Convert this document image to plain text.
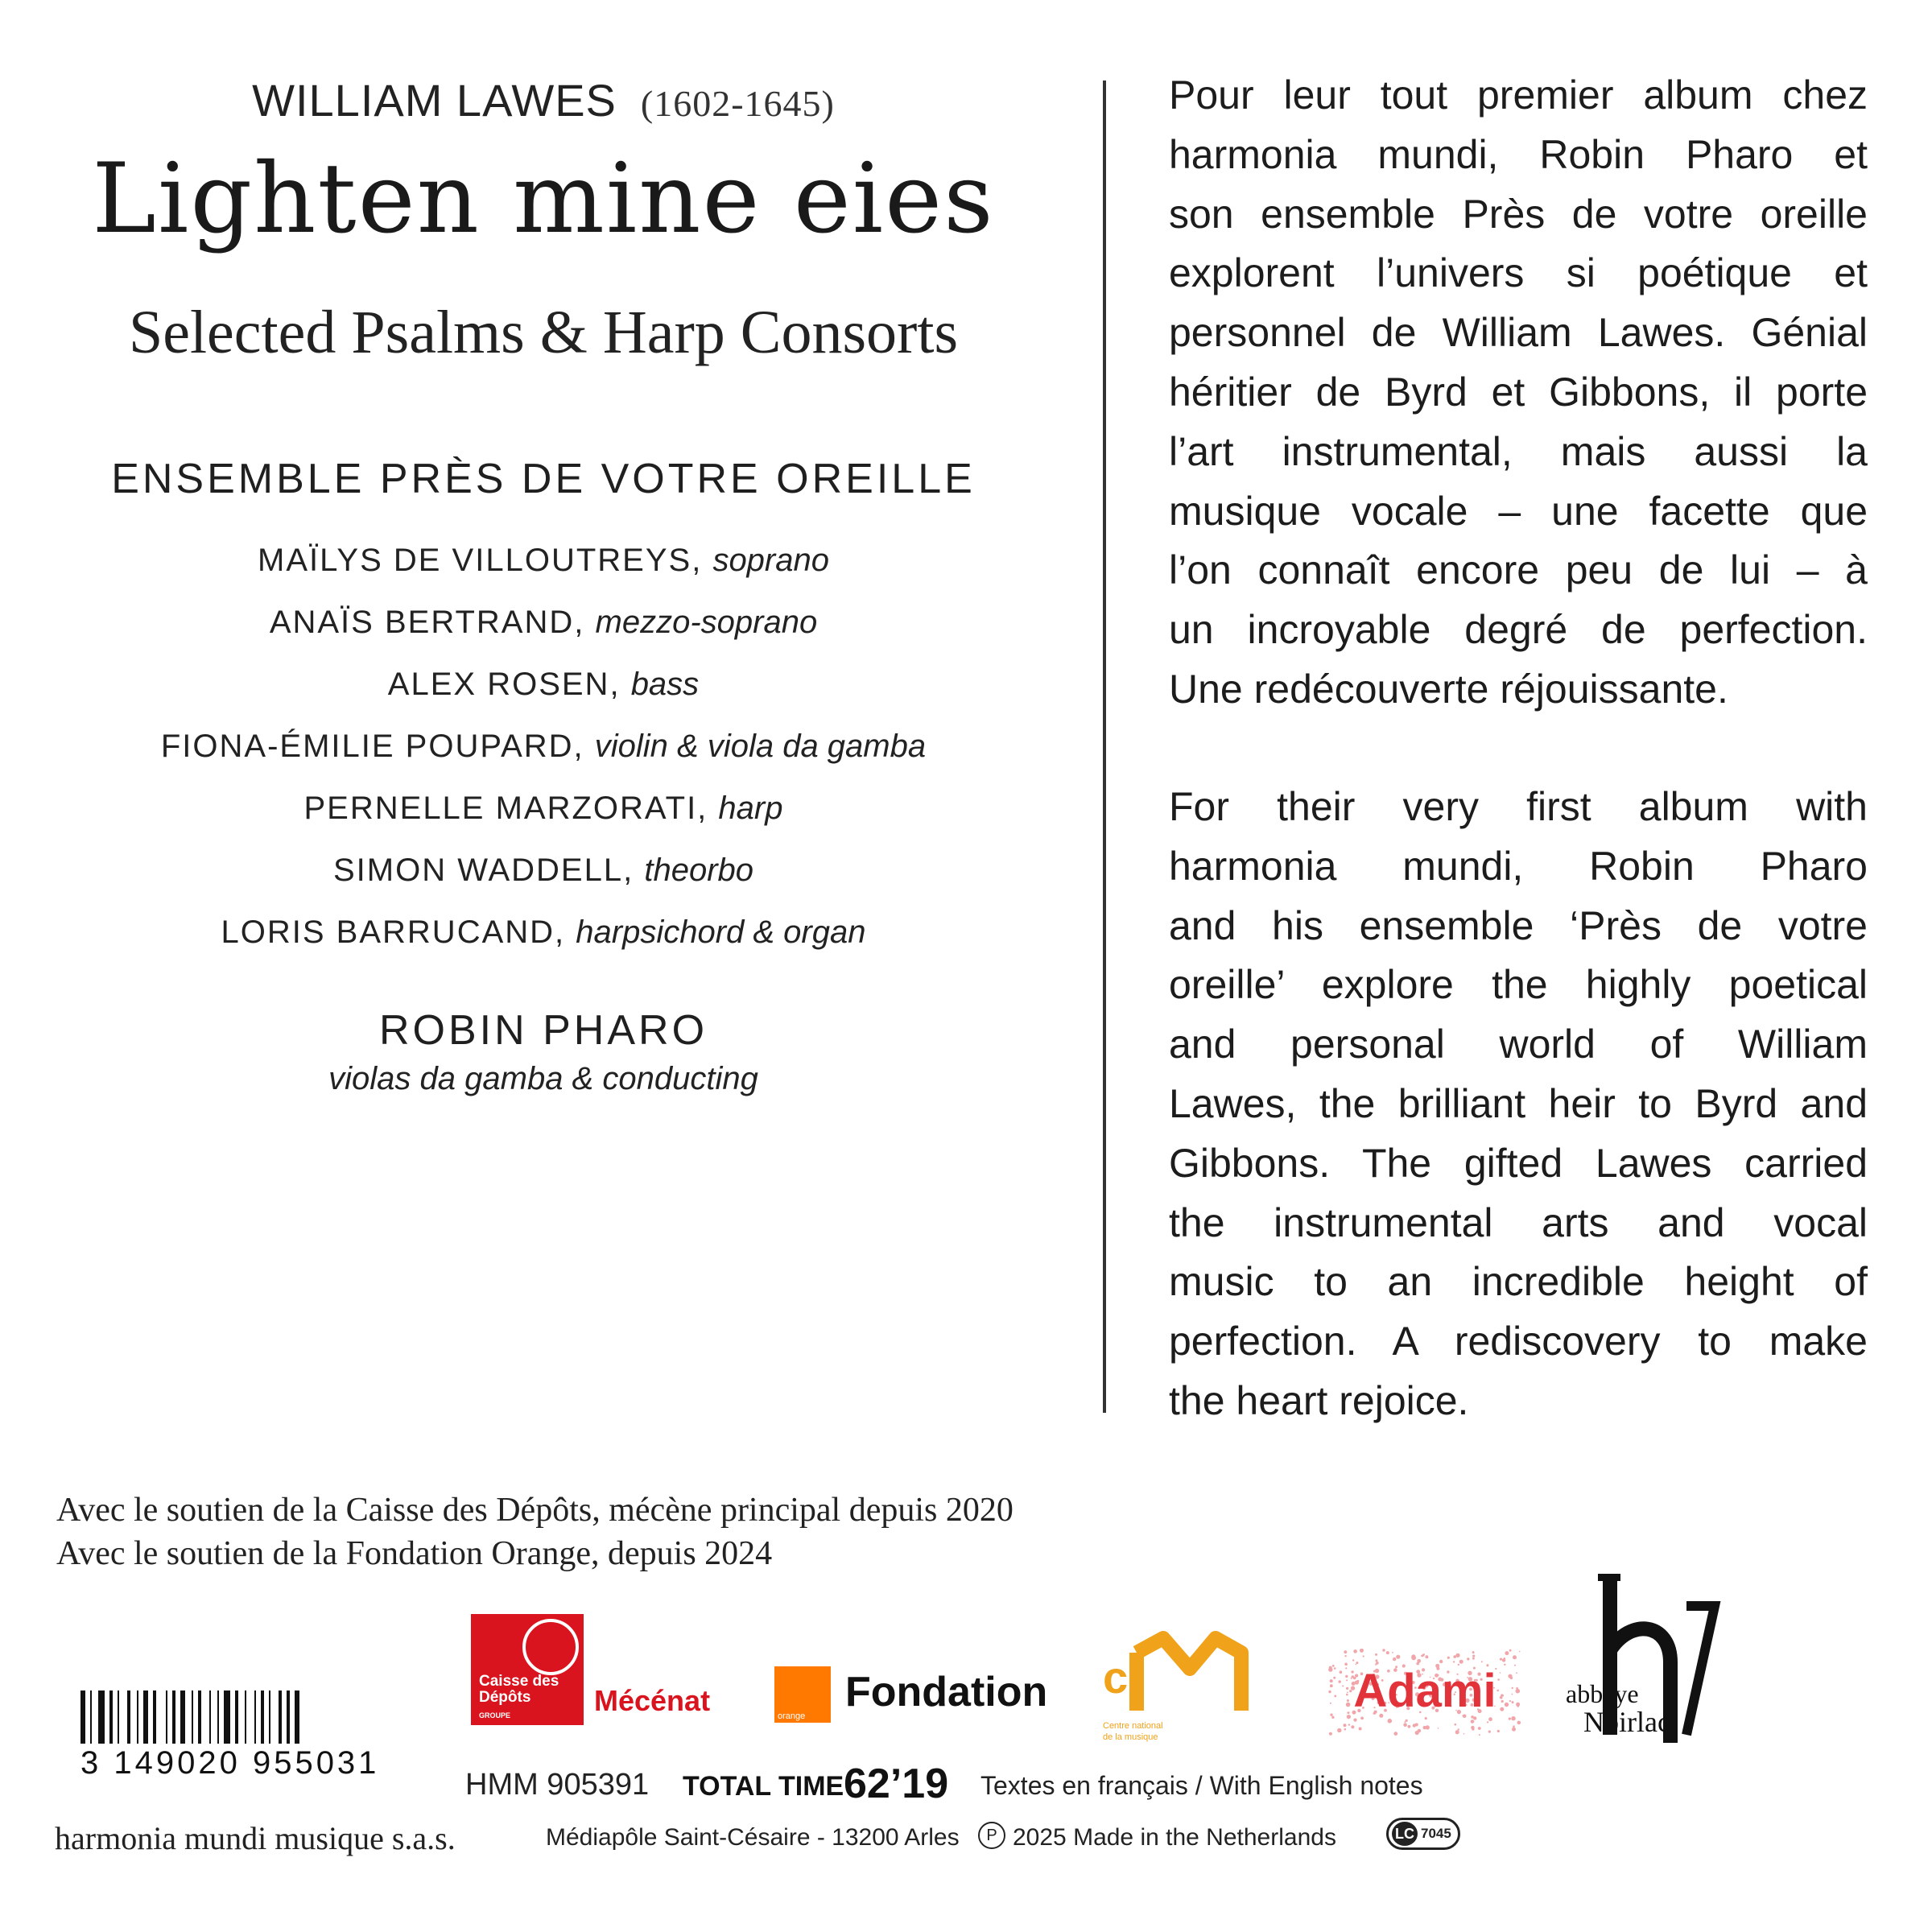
WILLIAM LAWES (1602-1645)
Lighten mine eies
Selected Psalms & Harp Consorts
ENSEMBLE PRÈS DE VOTRE OREILLE
MAÏLYS DE VILLOUTREYS, soprano
ANAÏS BERTRAND, mezzo-soprano
ALEX ROSEN, bass
FIONA-ÉMILIE POUPARD, violin & viola da gamba
PERNELLE MARZORATI, harp
SIMON WADDELL, theorbo
LORIS BARRUCAND, harpsichord & organ
ROBIN PHARO
violas da gamba & conducting
Pour leur tout premier album chez
harmonia mundi, Robin Pharo et
son ensemble Près de votre oreille
explorent l’univers si poétique et
personnel de William Lawes. Génial
héritier de Byrd et Gibbons, il porte
l’art instrumental, mais aussi la
musique vocale – une facette que
l’on connaît encore peu de lui – à
un incroyable degré de perfection.
Une redécouverte réjouissante.
For their very first album with
harmonia mundi, Robin Pharo
and his ensemble ‘Près de votre
oreille’ explore the highly poetical
and personal world of William
Lawes, the brilliant heir to Byrd and
Gibbons. The gifted Lawes carried
the instrumental arts and vocal
music to an incredible height of
perfection. A rediscovery to make
the heart rejoice.
Avec le soutien de la Caisse des Dépôts, mécène principal depuis 2020
Avec le soutien de la Fondation Orange, depuis 2024
3 149020 955031
Caisse des Dépôts
GROUPE	Mécénat	orange
Fondation c
Centre national
de la musique
Adami	abbaye
Noirlac
HMM 905391 TOTAL TIME 62’19 Textes en français / With English notes
harmonia mundi musique s.a.s.	Médiapôle Saint-Césaire - 13200 Arles	P 2025 Made in the Netherlands	LC 7045
